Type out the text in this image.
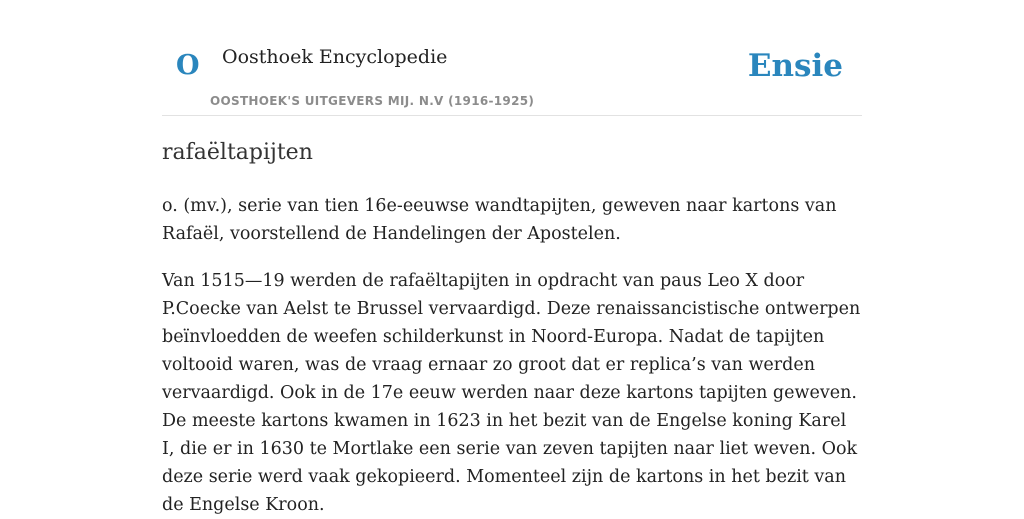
O Oosthoek Encyclopedie
OOSTHOEK'S UITGEVERS MIJ. N.V (1916-1925)
Ensie
rafaëltapijten

o. (mv.), serie van tien 16e-eeuwse wandtapijten, geweven naar kartons van Rafaël, voorstellend de Handelingen der Apostelen.

Van 1515—19 werden de rafaëltapijten in opdracht van paus Leo X door P.Coecke van Aelst te Brussel vervaardigd. Deze renaissancistische ontwerpen beïnvloedden de weefen schilderkunst in Noord-Europa. Nadat de tapijten voltooid waren, was de vraag ernaar zo groot dat er replica’s van werden vervaardigd. Ook in de 17e eeuw werden naar deze kartons tapijten geweven. De meeste kartons kwamen in 1623 in het bezit van de Engelse koning Karel I, die er in 1630 te Mortlake een serie van zeven tapijten naar liet weven. Ook deze serie werd vaak gekopieerd. Momenteel zijn de kartons in het bezit van de Engelse Kroon.
